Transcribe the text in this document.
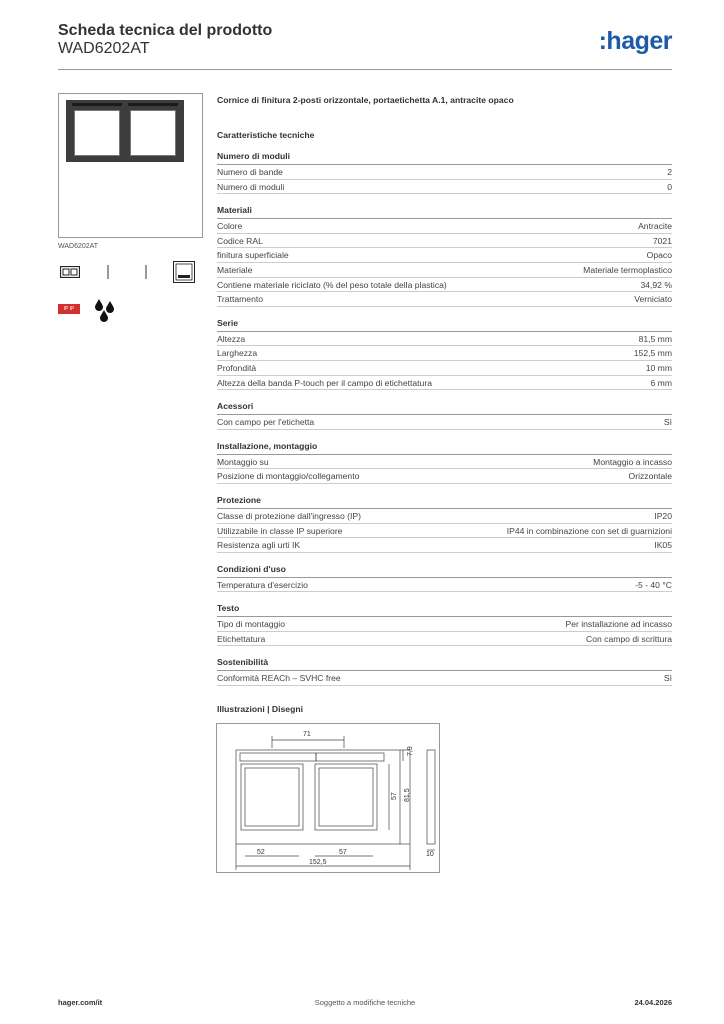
Scheda tecnica del prodotto
WAD6202AT	:hager
WAD6202AT
IP IP
Cornice di finitura 2-posti orizzontale, portaetichetta A.1, antracite opaco
Caratteristiche tecniche
Numero di moduli
Numero di bande	2
Numero di moduli	0
Materiali
Colore	Antracite
Codice RAL	7021
finitura superficiale	Opaco
Materiale	Materiale termoplastico
Contiene materiale riciclato (% del peso totale della plastica)	34,92 %
Trattamento	Verniciato
Serie
Altezza	81,5 mm
Larghezza	152,5 mm
Profondità	10 mm
Altezza della banda P-touch per il campo di etichettatura	6 mm
Acessori
Con campo per l'etichetta	Sì
Installazione, montaggio
Montaggio su	Montaggio a incasso
Posizione di montaggio/collegamento	Orizzontale
Protezione
Classe di protezione dall'ingresso (IP)	IP20
Utilizzabile in classe IP superiore	IP44 in combinazione con set di guarnizioni
Resistenza agli urti IK	IK05
Condizioni d'uso
Temperatura d'esercizio	-5 - 40 °C
Testo
Tipo di montaggio	Per installazione ad incasso
Etichettatura	Con campo di scrittura
Sostenibilità
Conformità REACh – SVHC free	Sì
Illustrazioni | Disegni
71
7,9
57 81,5
52	57
152,5
10
hager.com/it	Soggetto a modifiche tecniche	24.04.2026
